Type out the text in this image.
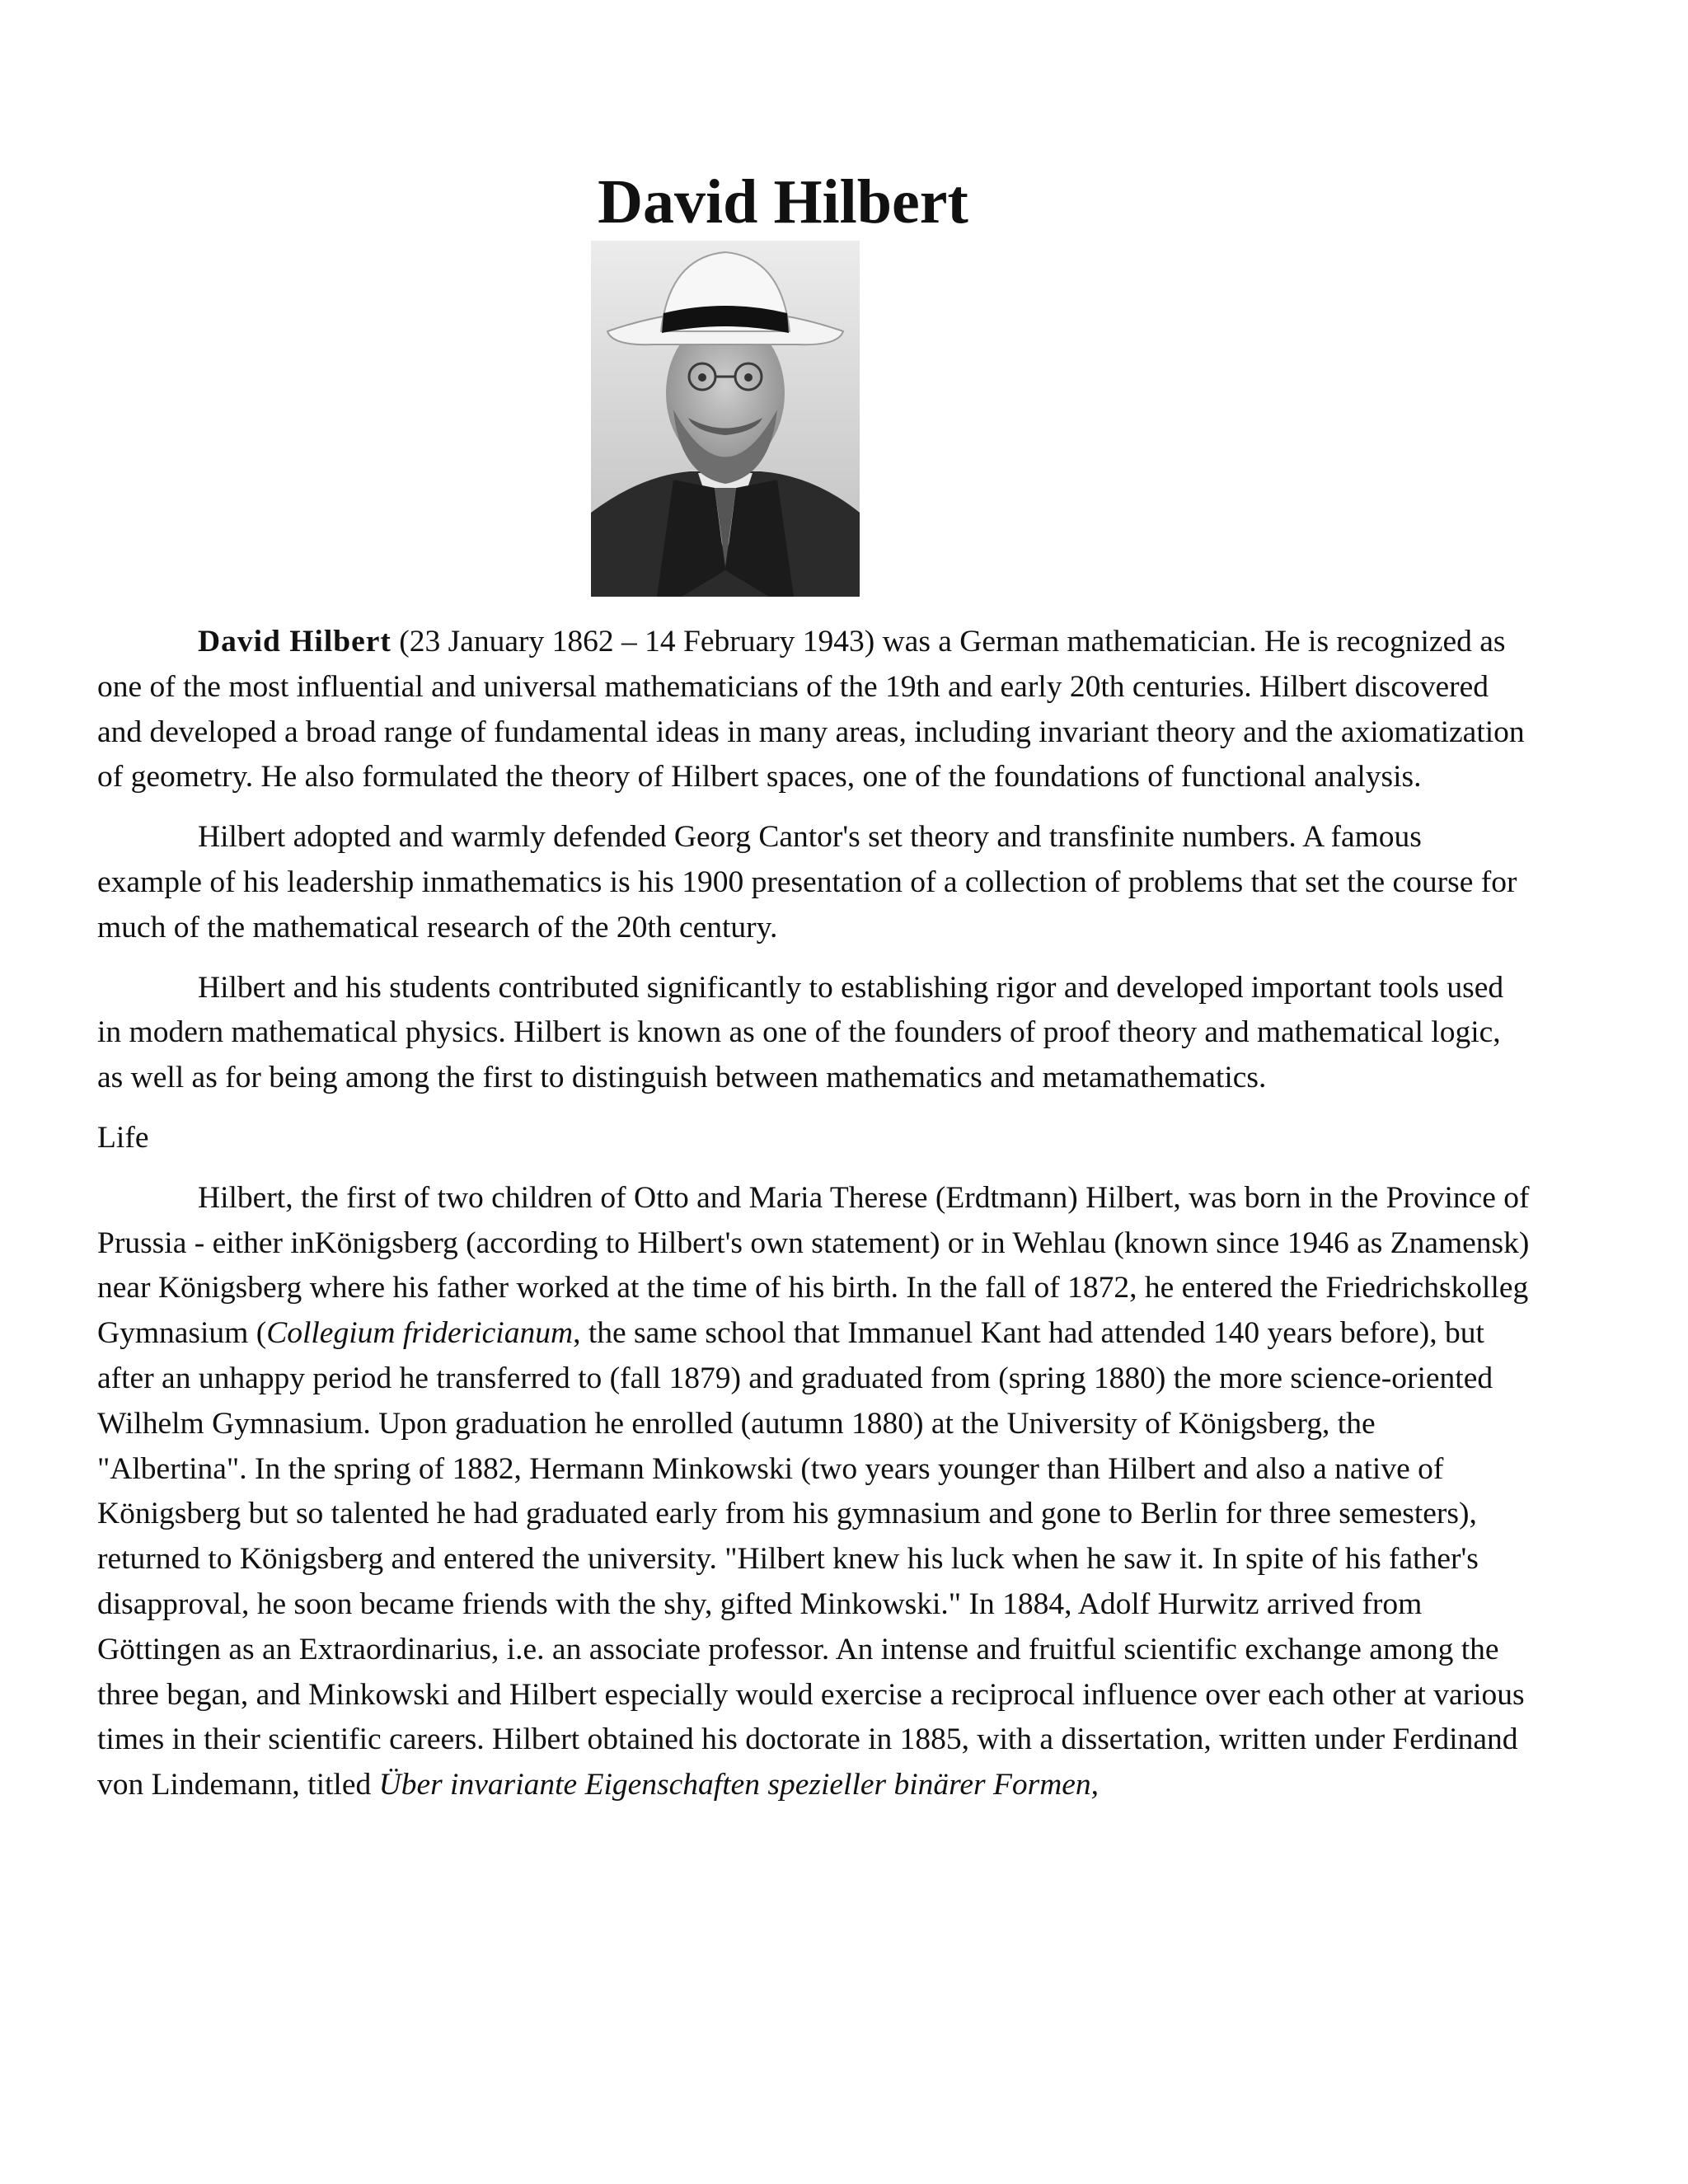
David Hilbert

David Hilbert (23 January 1862 – 14 February 1943) was a German mathematician. He is recognized as one of the most influential and universal mathematicians of the 19th and early 20th centuries. Hilbert discovered and developed a broad range of fundamental ideas in many areas, including invariant theory and the axiomatization of geometry. He also formulated the theory of Hilbert spaces, one of the foundations of functional analysis.

Hilbert adopted and warmly defended Georg Cantor's set theory and transfinite numbers. A famous example of his leadership inmathematics is his 1900 presentation of a collection of problems that set the course for much of the mathematical research of the 20th century.

Hilbert and his students contributed significantly to establishing rigor and developed important tools used in modern mathematical physics. Hilbert is known as one of the founders of proof theory and mathematical logic, as well as for being among the first to distinguish between mathematics and metamathematics.

Life

Hilbert, the first of two children of Otto and Maria Therese (Erdtmann) Hilbert, was born in the Province of Prussia - either inKönigsberg (according to Hilbert's own statement) or in Wehlau (known since 1946 as Znamensk) near Königsberg where his father worked at the time of his birth. In the fall of 1872, he entered the Friedrichskolleg Gymnasium (Collegium fridericianum, the same school that Immanuel Kant had attended 140 years before), but after an unhappy period he transferred to (fall 1879) and graduated from (spring 1880) the more science-oriented Wilhelm Gymnasium. Upon graduation he enrolled (autumn 1880) at the University of Königsberg, the "Albertina". In the spring of 1882, Hermann Minkowski (two years younger than Hilbert and also a native of Königsberg but so talented he had graduated early from his gymnasium and gone to Berlin for three semesters), returned to Königsberg and entered the university. "Hilbert knew his luck when he saw it. In spite of his father's disapproval, he soon became friends with the shy, gifted Minkowski." In 1884, Adolf Hurwitz arrived from Göttingen as an Extraordinarius, i.e. an associate professor. An intense and fruitful scientific exchange among the three began, and Minkowski and Hilbert especially would exercise a reciprocal influence over each other at various times in their scientific careers. Hilbert obtained his doctorate in 1885, with a dissertation, written under Ferdinand von Lindemann, titled Über invariante Eigenschaften spezieller binärer Formen,
